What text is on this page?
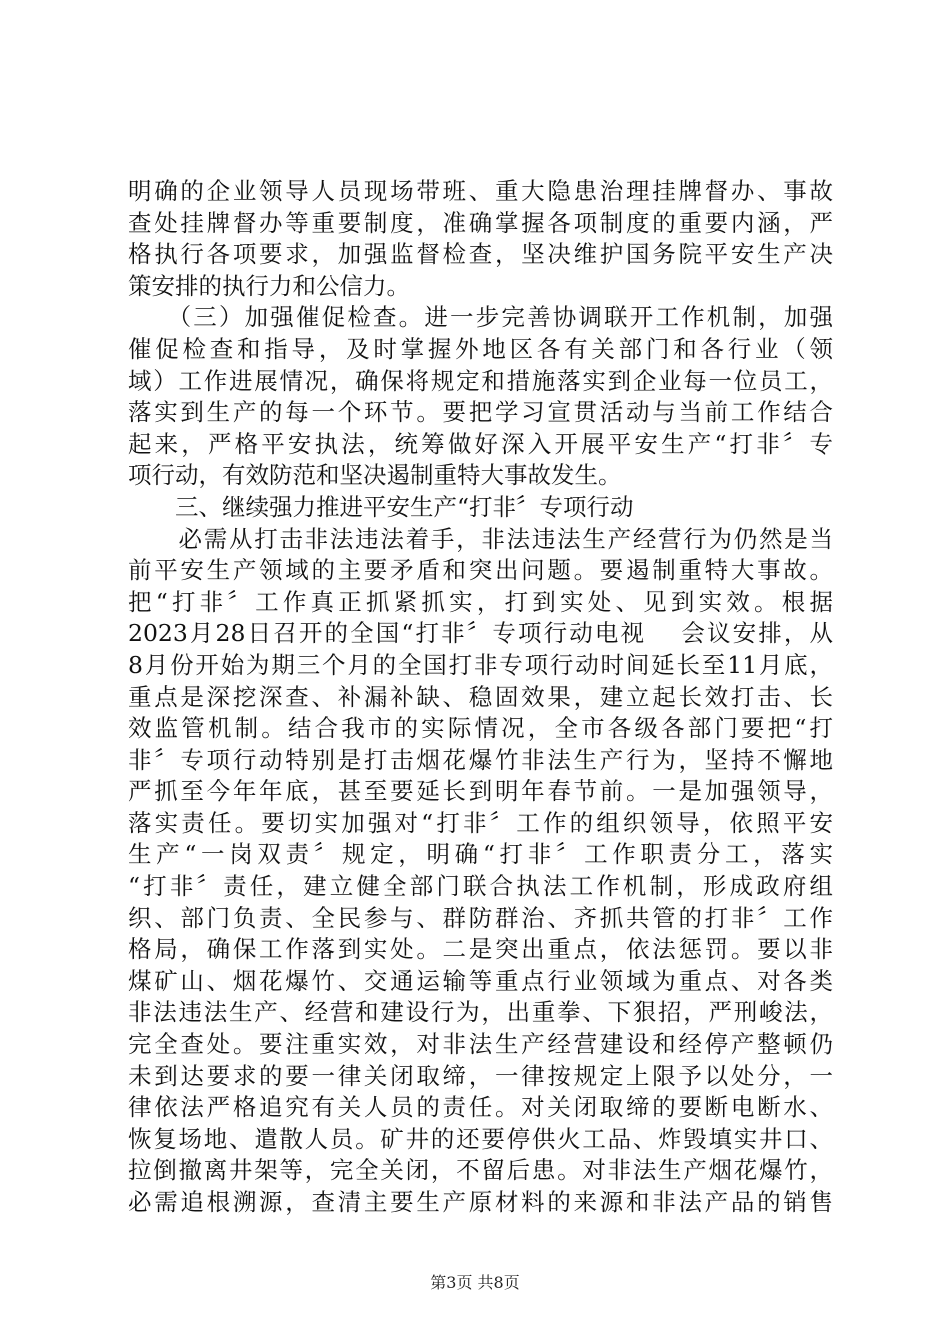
明确的企业领导人员现场带班、重大隐患治理挂牌督办、事故
查处挂牌督办等重要制度，准确掌握各项制度的重要内涵，严
格执行各项要求，加强监督检查，坚决维护国务院平安生产决
策安排的执行力和公信力。
　　（三）加强催促检查。进一步完善协调联开工作机制，加强
催促检查和指导，及时掌握外地区各有关部门和各行业（领
域）工作进展情况，确保将规定和措施落实到企业每一位员工，
落实到生产的每一个环节。要把学习宣贯活动与当前工作结合
起来，严格平安执法，统筹做好深入开展平安生产“打非〞专
项行动，有效防范和坚决遏制重特大事故发生。
　　三、继续强力推进平安生产“打非〞专项行动
　　必需从打击非法违法着手，非法违法生产经营行为仍然是当
前平安生产领域的主要矛盾和突出问题。要遏制重特大事故。
把“打非〞工作真正抓紧抓实，打到实处、见到实效。根据
2023月28日召开的全国“打非〞专项行动电视　 会议安排，从
8月份开始为期三个月的全国打非专项行动时间延长至11月底，
重点是深挖深查、补漏补缺、稳固效果，建立起长效打击、长
效监管机制。结合我市的实际情况，全市各级各部门要把“打
非〞专项行动特别是打击烟花爆竹非法生产行为，坚持不懈地
严抓至今年年底，甚至要延长到明年春节前。一是加强领导，
落实责任。要切实加强对“打非〞工作的组织领导，依照平安
生产“一岗双责〞规定，明确“打非〞工作职责分工，落实
“打非〞责任，建立健全部门联合执法工作机制，形成政府组
织、部门负责、全民参与、群防群治、齐抓共管的打非〞工作
格局，确保工作落到实处。二是突出重点，依法惩罚。要以非
煤矿山、烟花爆竹、交通运输等重点行业领域为重点、对各类
非法违法生产、经营和建设行为，出重拳、下狠招，严刑峻法，
完全查处。要注重实效，对非法生产经营建设和经停产整顿仍
未到达要求的要一律关闭取缔，一律按规定上限予以处分，一
律依法严格追究有关人员的责任。对关闭取缔的要断电断水、
恢复场地、遣散人员。矿井的还要停供火工品、炸毁填实井口、
拉倒撤离井架等，完全关闭，不留后患。对非法生产烟花爆竹，
必需追根溯源，查清主要生产原材料的来源和非法产品的销售
第3页 共8页
